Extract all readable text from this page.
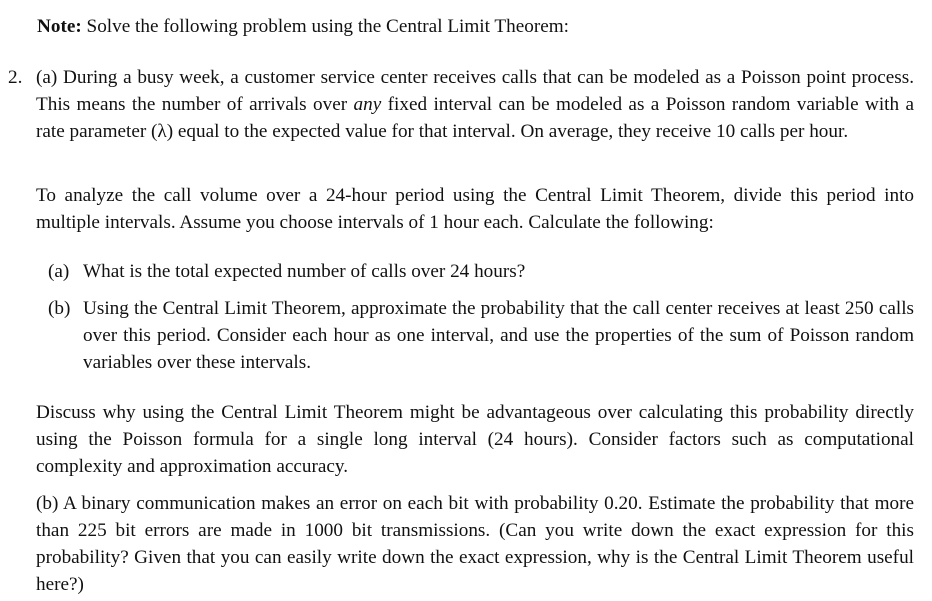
Note: Solve the following problem using the Central Limit Theorem:
2. (a) During a busy week, a customer service center receives calls that can be modeled as a Poisson point process. This means the number of arrivals over any fixed interval can be modeled as a Poisson random variable with a rate parameter (λ) equal to the expected value for that interval. On average, they receive 10 calls per hour.

To analyze the call volume over a 24-hour period using the Central Limit Theorem, divide this period into multiple intervals. Assume you choose intervals of 1 hour each. Calculate the following:

(a) What is the total expected number of calls over 24 hours?
(b) Using the Central Limit Theorem, approximate the probability that the call center receives at least 250 calls over this period. Consider each hour as one interval, and use the properties of the sum of Poisson random variables over these intervals.

Discuss why using the Central Limit Theorem might be advantageous over calculating this probability directly using the Poisson formula for a single long interval (24 hours). Consider factors such as computational complexity and approximation accuracy.

(b) A binary communication makes an error on each bit with probability 0.20. Estimate the probability that more than 225 bit errors are made in 1000 bit transmissions. (Can you write down the exact expression for this probability? Given that you can easily write down the exact expression, why is the Central Limit Theorem useful here?)
